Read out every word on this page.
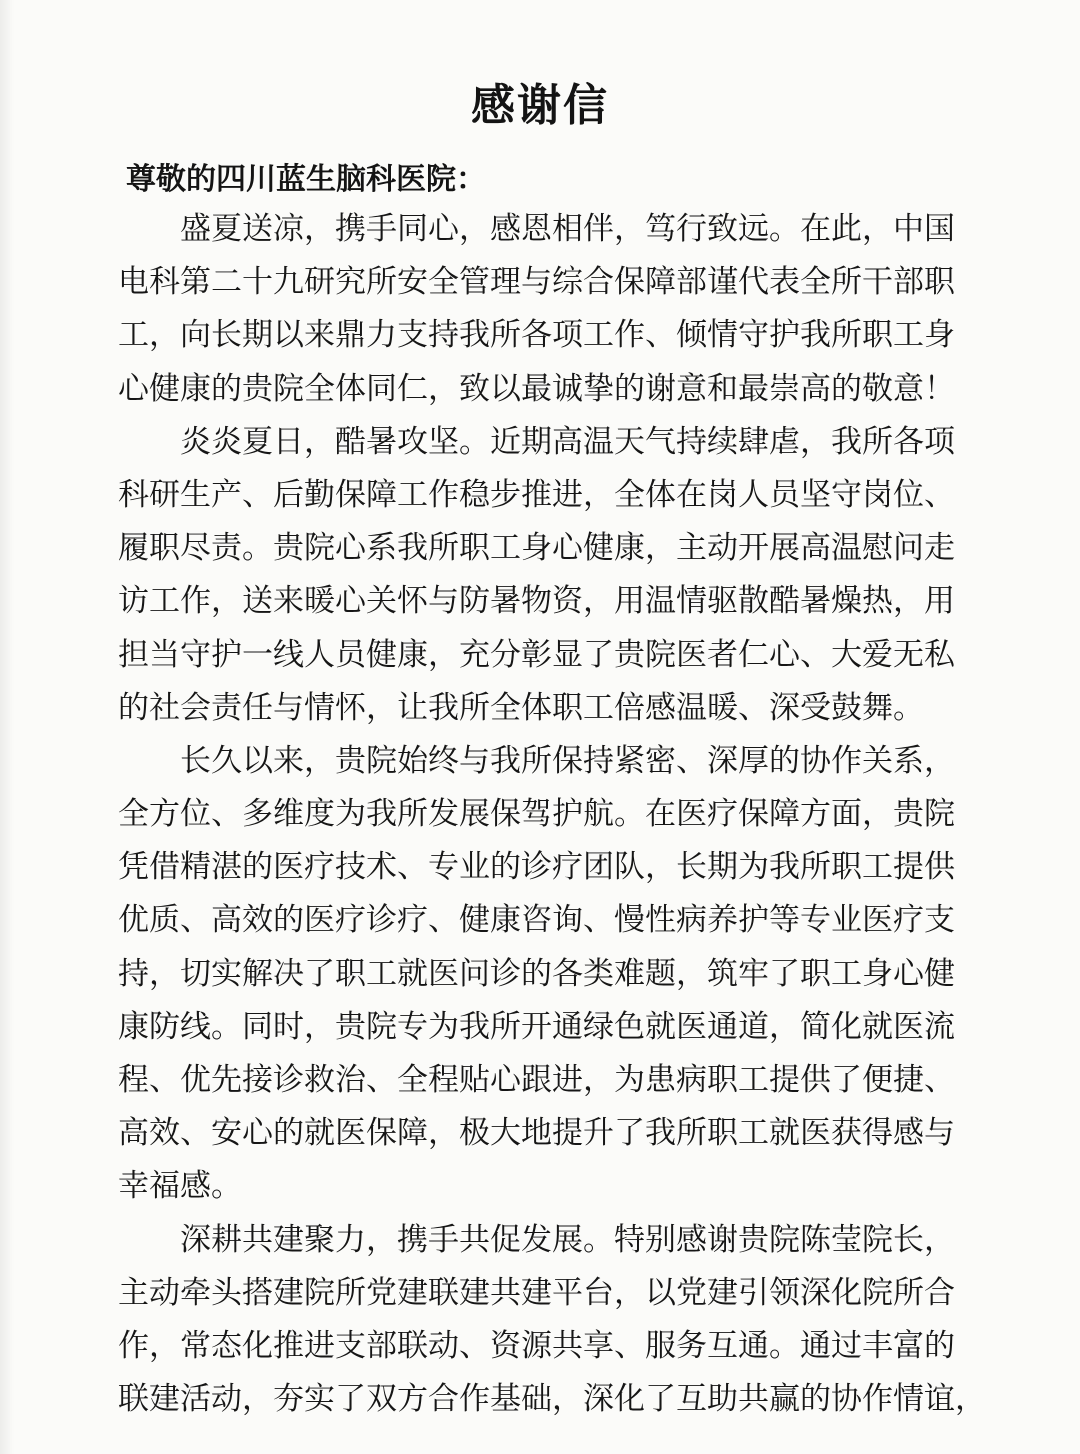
感谢信
尊敬的四川蓝生脑科医院：
盛夏送凉，携手同心，感恩相伴，笃行致远。在此，中国
电科第二十九研究所安全管理与综合保障部谨代表全所干部职
工，向长期以来鼎力支持我所各项工作、倾情守护我所职工身
心健康的贵院全体同仁，致以最诚挚的谢意和最崇高的敬意！
炎炎夏日，酷暑攻坚。近期高温天气持续肆虐，我所各项
科研生产、后勤保障工作稳步推进，全体在岗人员坚守岗位、
履职尽责。贵院心系我所职工身心健康，主动开展高温慰问走
访工作，送来暖心关怀与防暑物资，用温情驱散酷暑燥热，用
担当守护一线人员健康，充分彰显了贵院医者仁心、大爱无私
的社会责任与情怀，让我所全体职工倍感温暖、深受鼓舞。
长久以来，贵院始终与我所保持紧密、深厚的协作关系，
全方位、多维度为我所发展保驾护航。在医疗保障方面，贵院
凭借精湛的医疗技术、专业的诊疗团队，长期为我所职工提供
优质、高效的医疗诊疗、健康咨询、慢性病养护等专业医疗支
持，切实解决了职工就医问诊的各类难题，筑牢了职工身心健
康防线。同时，贵院专为我所开通绿色就医通道，简化就医流
程、优先接诊救治、全程贴心跟进，为患病职工提供了便捷、
高效、安心的就医保障，极大地提升了我所职工就医获得感与
幸福感。
深耕共建聚力，携手共促发展。特别感谢贵院陈莹院长，
主动牵头搭建院所党建联建共建平台，以党建引领深化院所合
作，常态化推进支部联动、资源共享、服务互通。通过丰富的
联建活动，夯实了双方合作基础，深化了互助共赢的协作情谊，
